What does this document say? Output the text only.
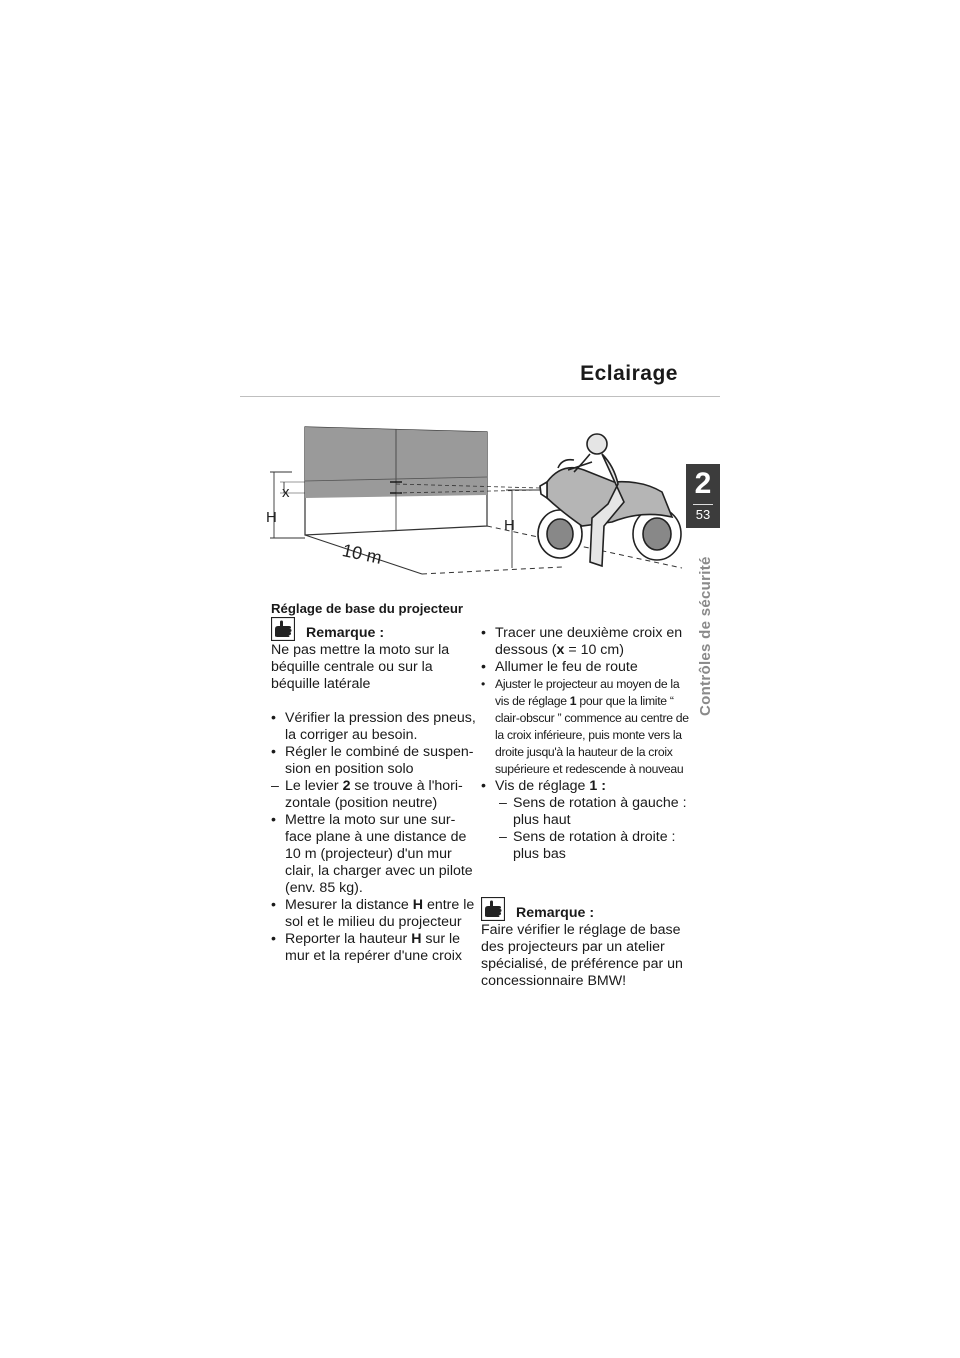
Eclairage
2
53
Contrôles de sécurité
x
H	H
10 m

Réglage de base du projecteur

Remarque :

Ne pas mettre la moto sur la béquille centrale ou sur la béquille latérale

• Vérifier la pression des pneus, la corriger au besoin.
• Régler le combiné de suspen-sion en position solo
– Le levier 2 se trouve à l'hori-zontale (position neutre)
• Mettre la moto sur une sur-face plane à une distance de 10 m (projecteur) d'un mur clair, la charger avec un pilote (env. 85 kg).
• Mesurer la distance H entre le sol et le milieu du projecteur
• Reporter la hauteur H sur le mur et la repérer d'une croix
• Tracer une deuxième croix en dessous (x = 10 cm)
• Allumer le feu de route
• Ajuster le projecteur au moyen de la vis de réglage 1 pour que la limite “ clair-obscur ” commence au centre de la croix inférieure, puis monte vers la droite jusqu'à la hauteur de la croix supérieure et redescende à nouveau
• Vis de réglage 1 :
– Sens de rotation à gauche : plus haut
– Sens de rotation à droite : plus bas
Remarque :

Faire vérifier le réglage de base des projecteurs par un atelier spécialisé, de préférence par un concessionnaire BMW!
